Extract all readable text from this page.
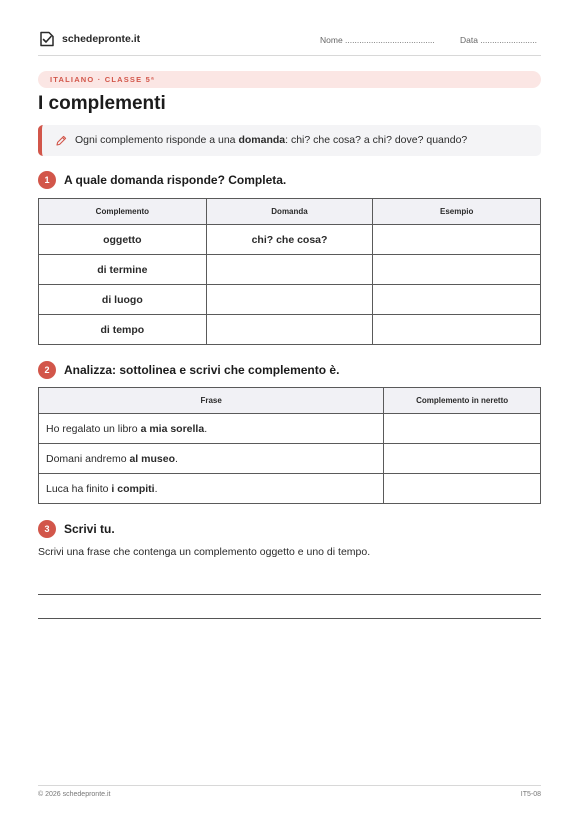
schedepronte.it	Nome ......................................	Data ........................
ITALIANO · CLASSE 5ª
I complementi
Ogni complemento risponde a una domanda: chi? che cosa? a chi? dove? quando?
1	A quale domanda risponde? Completa.
Complemento	Domanda	Esempio
oggetto	chi? che cosa?	
di termine		
di luogo		
di tempo		
2	Analizza: sottolinea e scrivi che complemento è.
Frase	Complemento in neretto
Ho regalato un libro a mia sorella.	
Domani andremo al museo.	
Luca ha finito i compiti.	
3	Scrivi tu.

Scrivi una frase che contenga un complemento oggetto e uno di tempo.

© 2026 schedepronte.it	IT5-08
